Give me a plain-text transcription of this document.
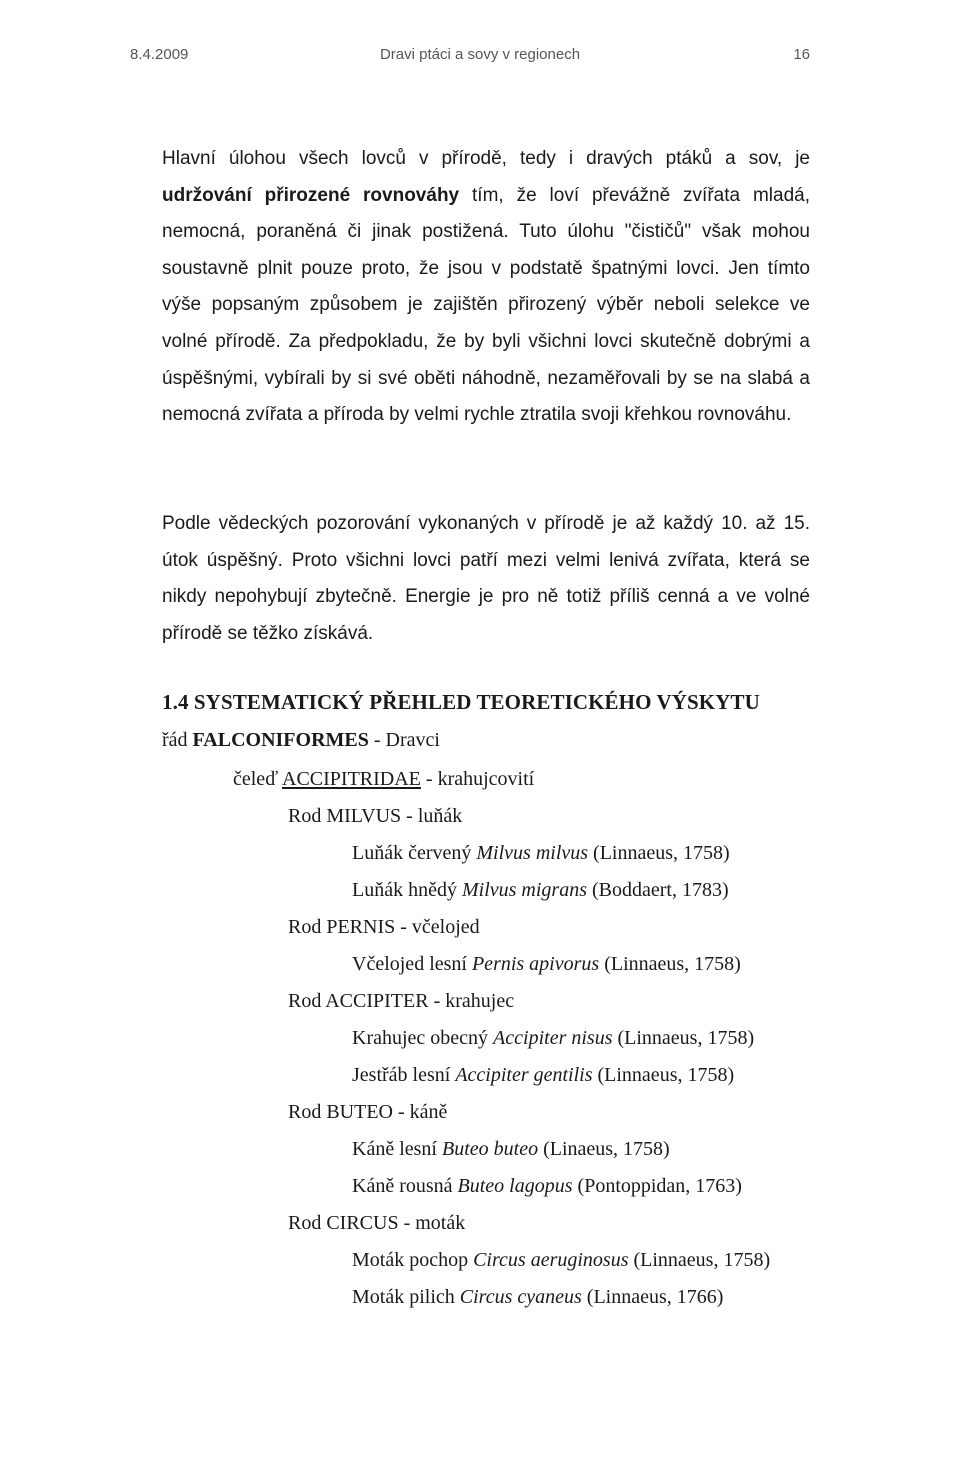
8.4.2009	Dravi ptáci a sovy v regionech	16

Hlavní úlohou všech lovců v přírodě, tedy i dravých ptáků a sov, je udržování přirozené rovnováhy tím, že loví převážně zvířata mladá, nemocná, poraněná či jinak postižená. Tuto úlohu "čističů" však mohou soustavně plnit pouze proto, že jsou v podstatě špatnými lovci. Jen tímto výše popsaným způsobem je zajištěn přirozený výběr neboli selekce ve volné přírodě. Za předpokladu, že by byli všichni lovci skutečně dobrými a úspěšnými, vybírali by si své oběti náhodně, nezaměřovali by se na slabá a nemocná zvířata a příroda by velmi rychle ztratila svoji křehkou rovnováhu.

Podle vědeckých pozorování vykonaných v přírodě je až každý 10. až 15. útok úspěšný. Proto všichni lovci patří mezi velmi lenivá zvířata, která se nikdy nepohybují zbytečně. Energie je pro ně totiž příliš cenná a ve volné přírodě se těžko získává.

1.4 SYSTEMATICKÝ PŘEHLED TEORETICKÉHO VÝSKYTU
řád FALCONIFORMES - Dravci
čeleď ACCIPITRIDAE - krahujcovití
Rod MILVUS - luňák
Luňák červený Milvus milvus (Linnaeus, 1758)
Luňák hnědý Milvus migrans (Boddaert, 1783)
Rod PERNIS - včelojed
Včelojed lesní Pernis apivorus (Linnaeus, 1758)
Rod ACCIPITER - krahujec
Krahujec obecný Accipiter nisus (Linnaeus, 1758)
Jestřáb lesní Accipiter gentilis (Linnaeus, 1758)
Rod BUTEO - káně
Káně lesní Buteo buteo (Linaeus, 1758)
Káně rousná Buteo lagopus (Pontoppidan, 1763)
Rod CIRCUS - moták
Moták pochop Circus aeruginosus (Linnaeus, 1758)
Moták pilich Circus cyaneus (Linnaeus, 1766)
